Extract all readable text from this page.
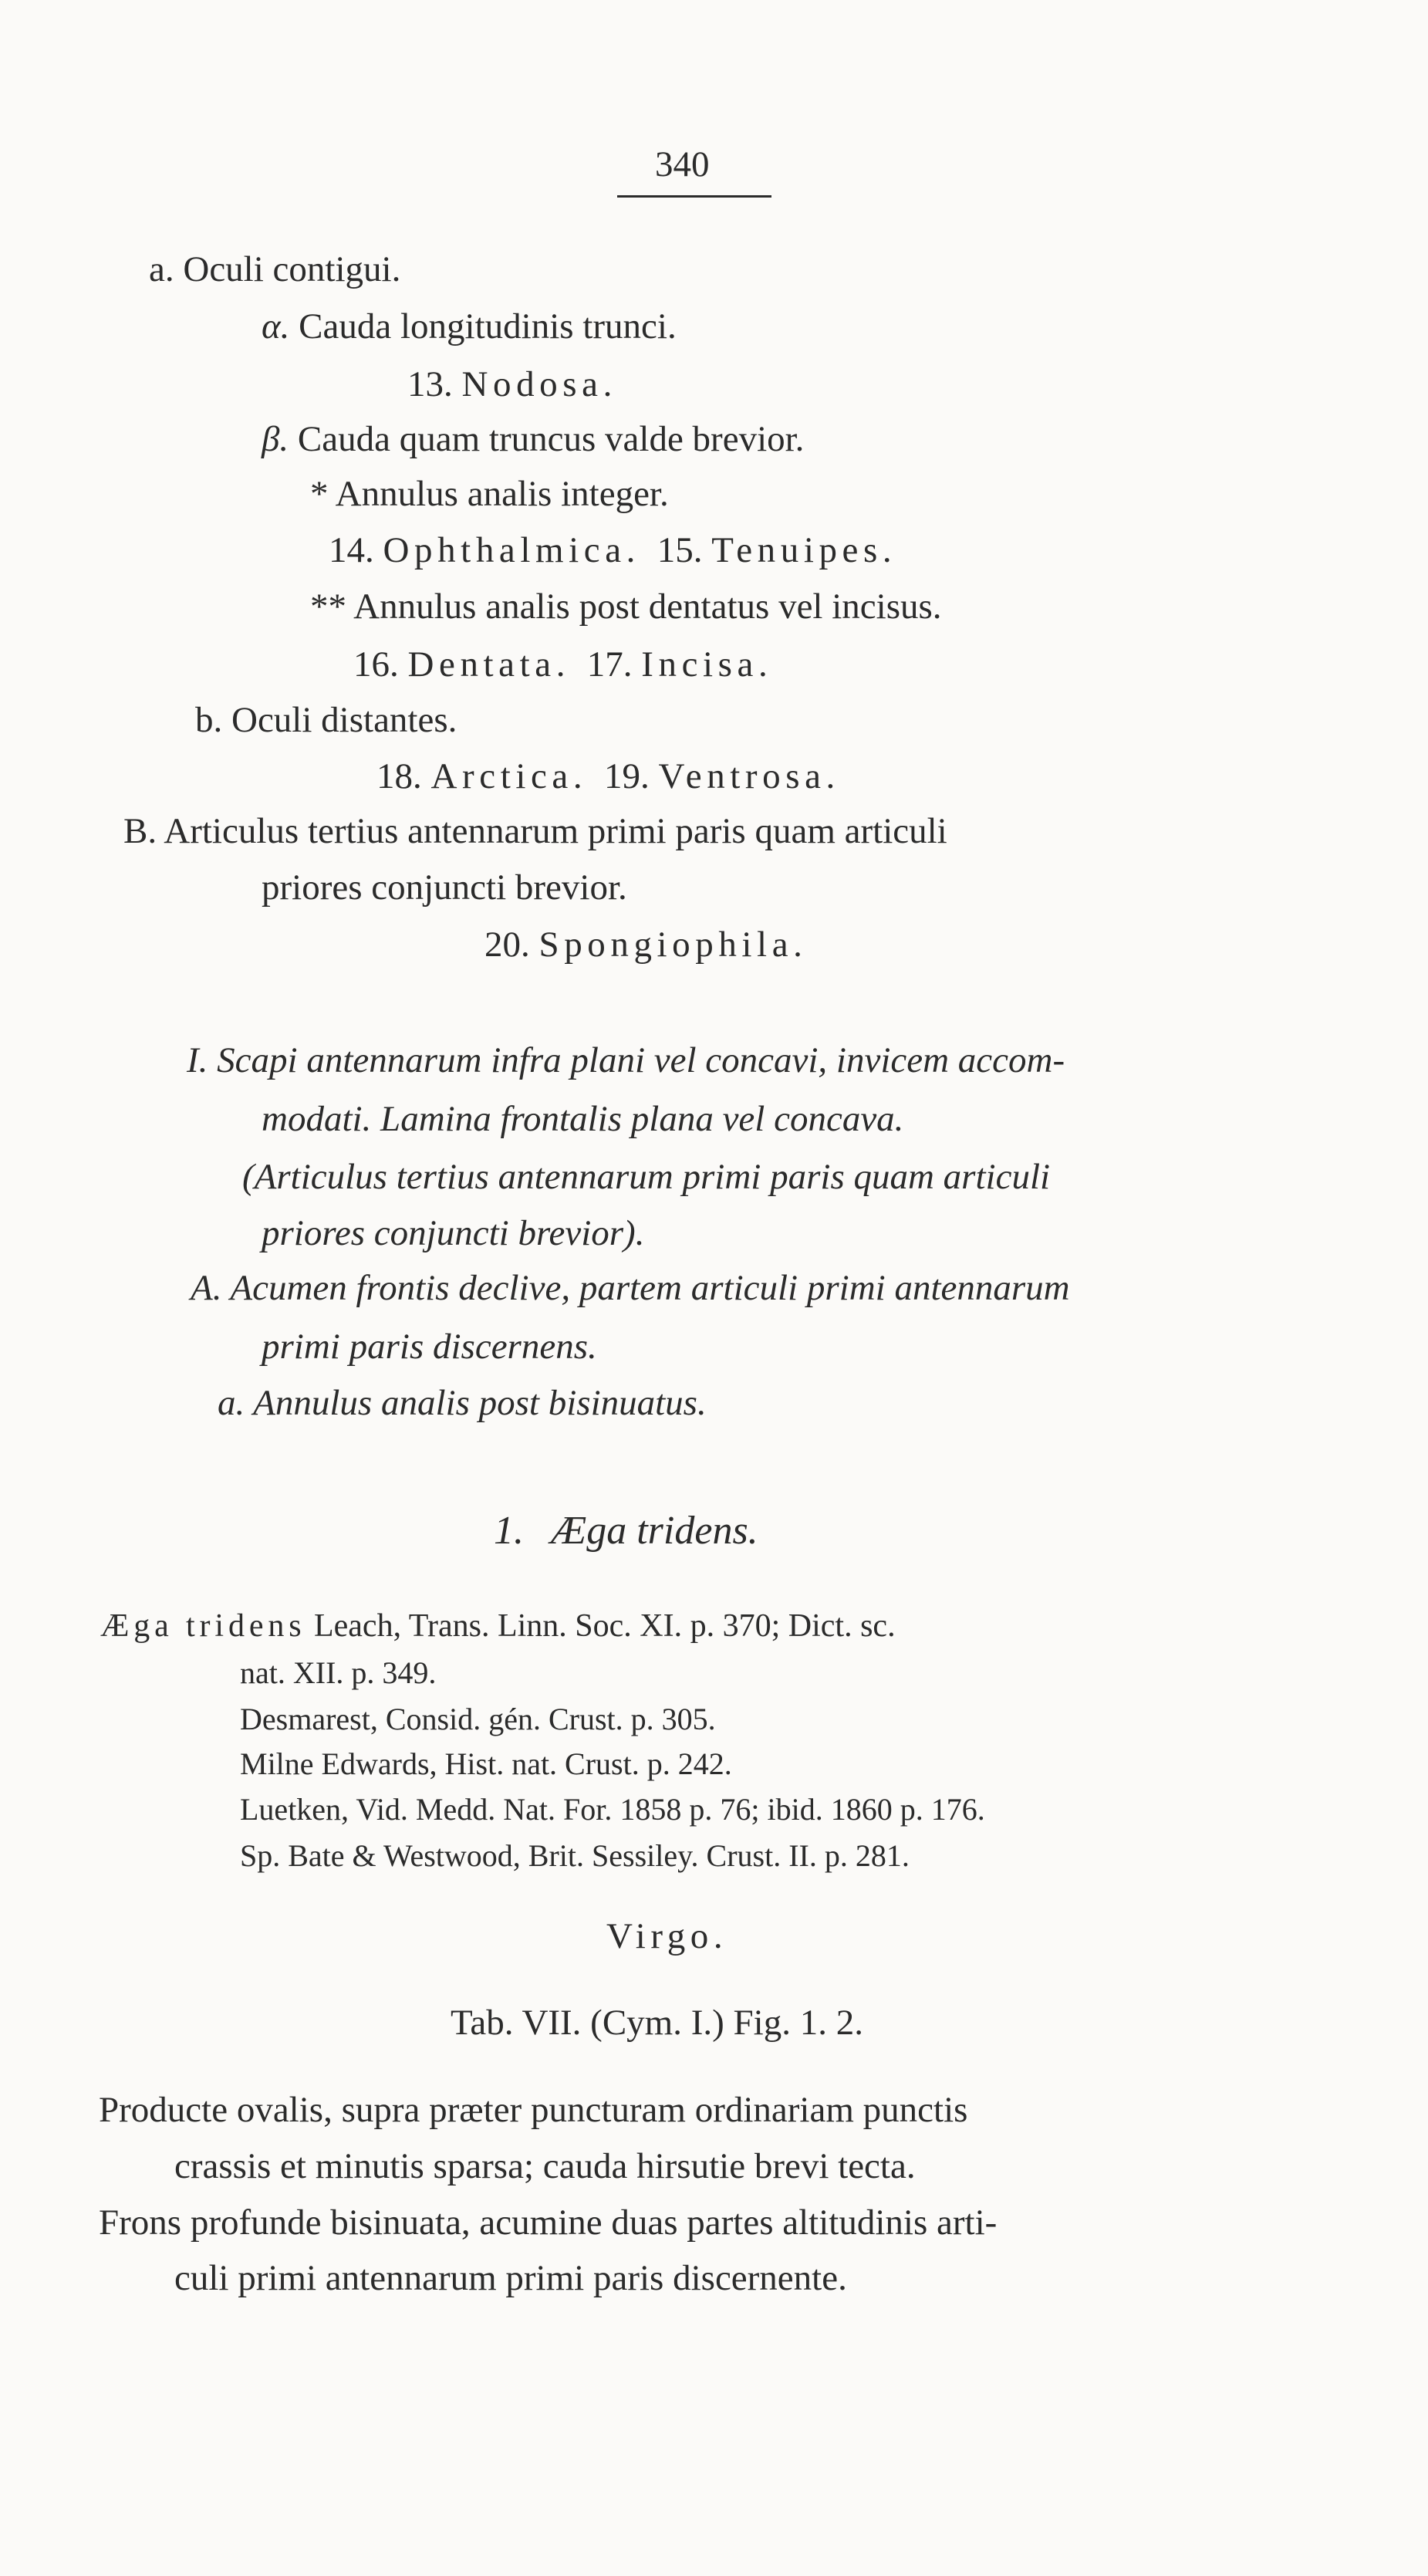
340
a. Oculi contigui.
α. Cauda longitudinis trunci.
13. Nodosa.
β. Cauda quam truncus valde brevior.
* Annulus analis integer.
14. Ophthalmica. 15. Tenuipes.
** Annulus analis post dentatus vel incisus.
16. Dentata. 17. Incisa.
b. Oculi distantes.
18. Arctica. 19. Ventrosa.
B. Articulus tertius antennarum primi paris quam articuli
priores conjuncti brevior.
20. Spongiophila.
I. Scapi antennarum infra plani vel concavi, invicem accom-
modati. Lamina frontalis plana vel concava.
(Articulus tertius antennarum primi paris quam articuli
priores conjuncti brevior).
A. Acumen frontis declive, partem articuli primi antennarum
primi paris discernens.
a. Annulus analis post bisinuatus.
1. Ӕga tridens.
Ӕga tridens Leach, Trans. Linn. Soc. XI. p. 370; Dict. sc.
nat. XII. p. 349.
Desmarest, Consid. gén. Crust. p. 305.
Milne Edwards, Hist. nat. Crust. p. 242.
Luetken, Vid. Medd. Nat. For. 1858 p. 76; ibid. 1860 p. 176.
Sp. Bate & Westwood, Brit. Sessiley. Crust. II. p. 281.
Virgo.
Tab. VII. (Cym. I.) Fig. 1. 2.
Producte ovalis, supra præter puncturam ordinariam punctis
crassis et minutis sparsa; cauda hirsutie brevi tecta.
Frons profunde bisinuata, acumine duas partes altitudinis arti-
culi primi antennarum primi paris discernente.
